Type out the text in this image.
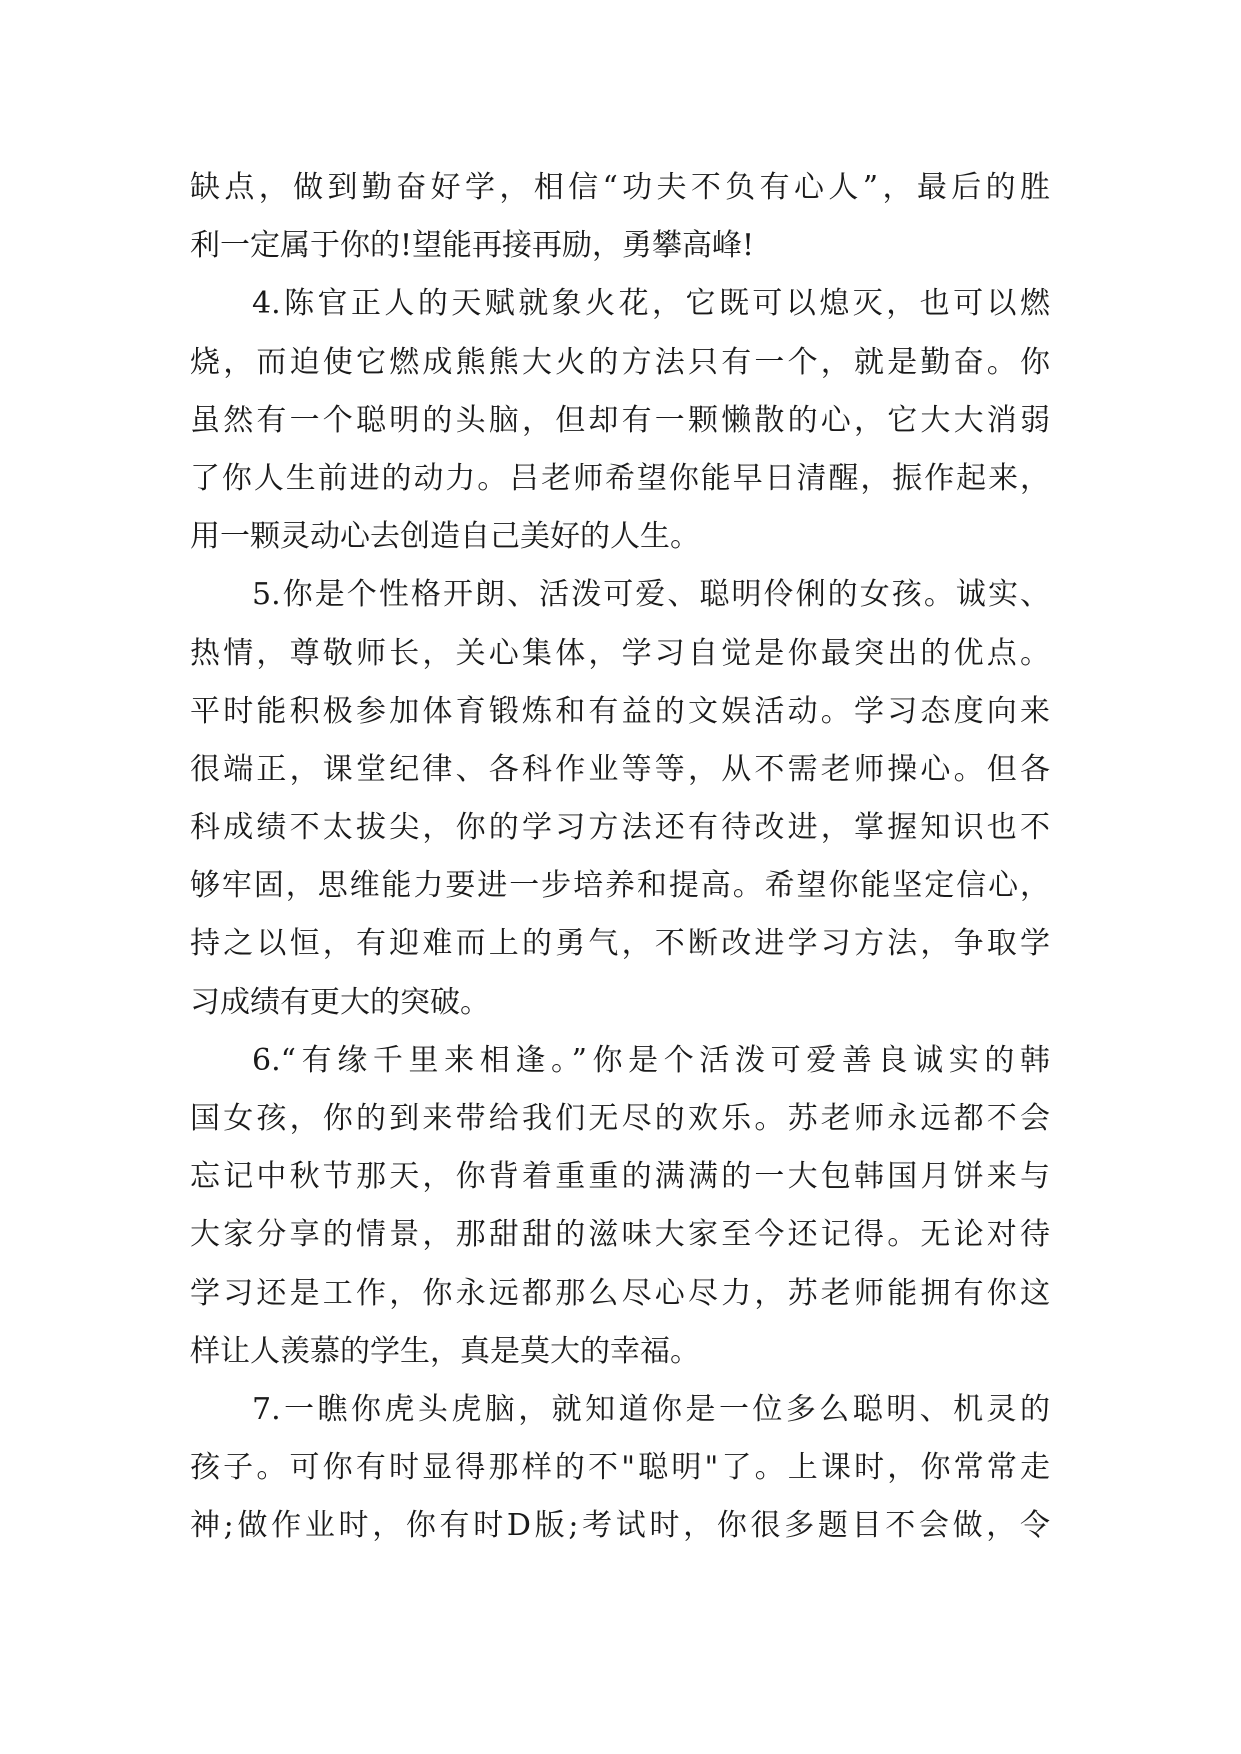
缺点，做到勤奋好学，相信“功夫不负有心人”，最后的胜
利一定属于你的!望能再接再励，勇攀高峰!
4.陈官正人的天赋就象火花，它既可以熄灭，也可以燃
烧，而迫使它燃成熊熊大火的方法只有一个，就是勤奋。你
虽然有一个聪明的头脑，但却有一颗懒散的心，它大大消弱
了你人生前进的动力。吕老师希望你能早日清醒，振作起来，
用一颗灵动心去创造自己美好的人生。
5.你是个性格开朗、活泼可爱、聪明伶俐的女孩。诚实、
热情，尊敬师长，关心集体，学习自觉是你最突出的优点。
平时能积极参加体育锻炼和有益的文娱活动。学习态度向来
很端正，课堂纪律、各科作业等等，从不需老师操心。但各
科成绩不太拔尖，你的学习方法还有待改进，掌握知识也不
够牢固，思维能力要进一步培养和提高。希望你能坚定信心，
持之以恒，有迎难而上的勇气，不断改进学习方法，争取学
习成绩有更大的突破。
6.“有缘千里来相逢。”你是个活泼可爱善良诚实的韩
国女孩，你的到来带给我们无尽的欢乐。苏老师永远都不会
忘记中秋节那天，你背着重重的满满的一大包韩国月饼来与
大家分享的情景，那甜甜的滋味大家至今还记得。无论对待
学习还是工作，你永远都那么尽心尽力，苏老师能拥有你这
样让人羡慕的学生，真是莫大的幸福。
7.一瞧你虎头虎脑，就知道你是一位多么聪明、机灵的
孩子。可你有时显得那样的不"聪明"了。上课时，你常常走
神;做作业时，你有时D版;考试时，你很多题目不会做，令
